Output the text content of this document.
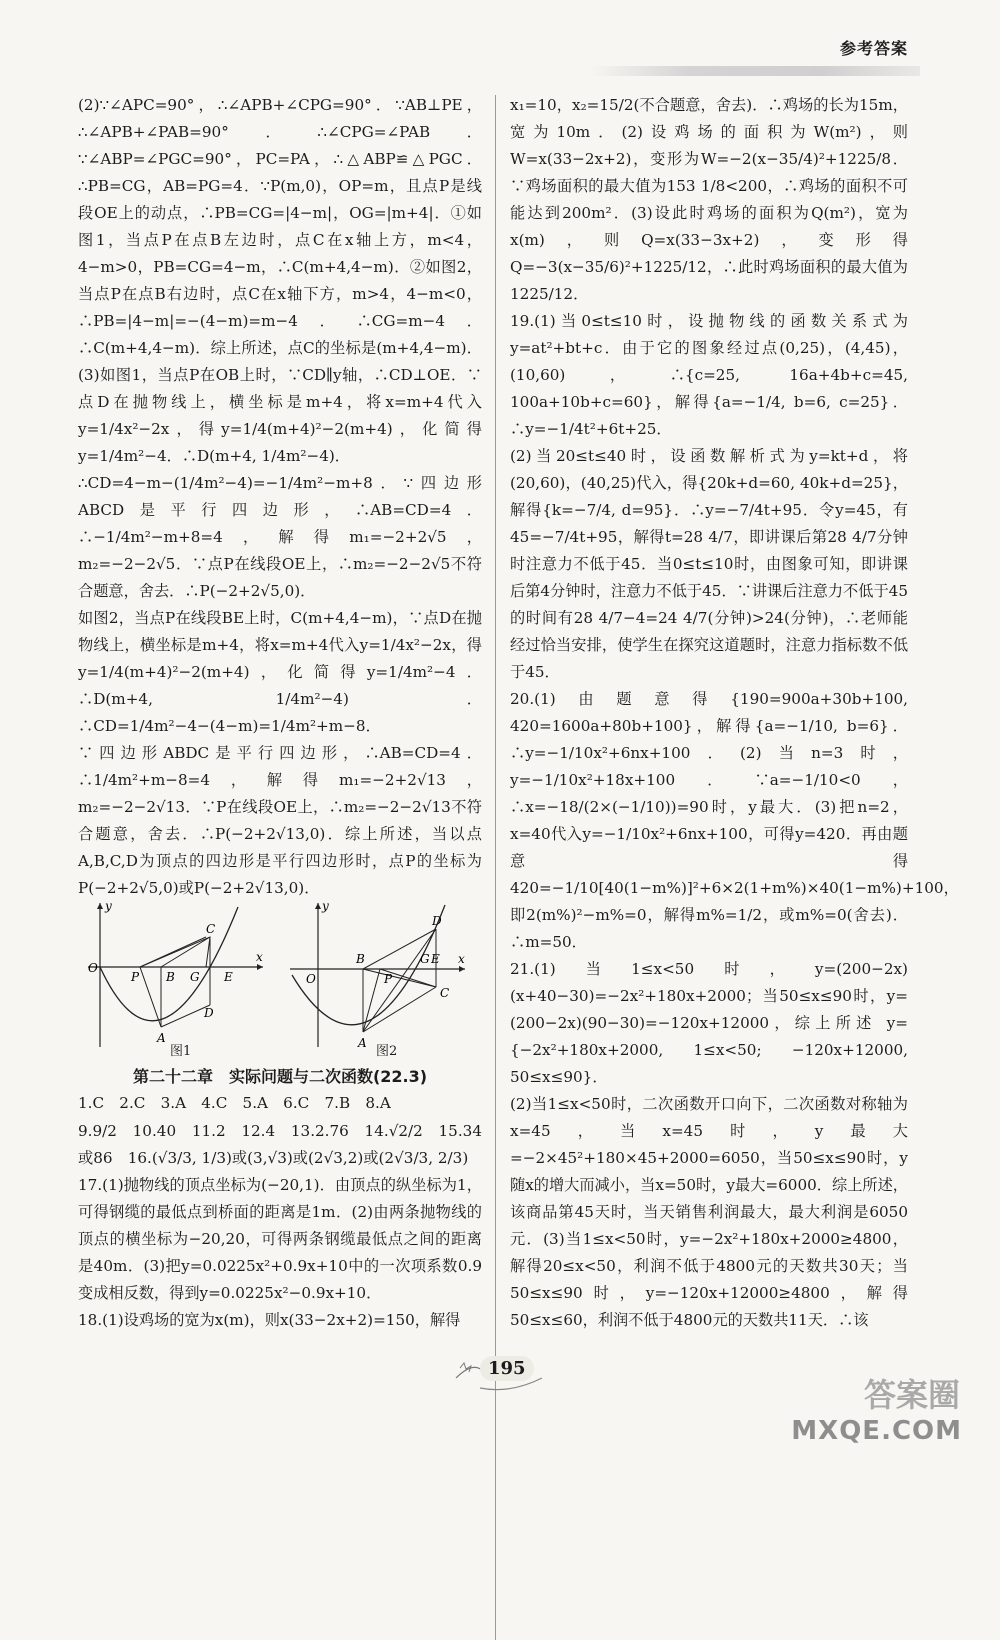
参考答案

(2)∵∠APC=90°，∴∠APB+∠CPG=90°．∵AB⊥PE，∴∠APB+∠PAB=90°．∴∠CPG=∠PAB．∵∠ABP=∠PGC=90°，PC=PA，∴△ABP≌△PGC．∴PB=CG，AB=PG=4．∵P(m,0)，OP=m，且点P是线段OE上的动点，∴PB=CG=|4−m|，OG=|m+4|．①如图1，当点P在点B左边时，点C在x轴上方，m<4，4−m>0，PB=CG=4−m，∴C(m+4,4−m)．②如图2，当点P在点B右边时，点C在x轴下方，m>4，4−m<0，∴PB=|4−m|=−(4−m)=m−4．∴CG=m−4．∴C(m+4,4−m)．综上所述，点C的坐标是(m+4,4−m)．(3)如图1，当点P在OB上时，∵CD∥y轴，∴CD⊥OE．∵点D在抛物线上，横坐标是m+4，将x=m+4代入y=1/4x²−2x，得y=1/4(m+4)²−2(m+4)，化简得y=1/4m²−4．∴D(m+4, 1/4m²−4)．

∴CD=4−m−(1/4m²−4)=−1/4m²−m+8．∵四边形ABCD是平行四边形，∴AB=CD=4．∴−1/4m²−m+8=4，解得m₁=−2+2√5，m₂=−2−2√5．∵点P在线段OE上，∴m₂=−2−2√5不符合题意，舍去．∴P(−2+2√5,0)．

如图2，当点P在线段BE上时，C(m+4,4−m)，∵点D在抛物线上，横坐标是m+4，将x=m+4代入y=1/4x²−2x，得y=1/4(m+4)²−2(m+4)，化简得y=1/4m²−4．∴D(m+4, 1/4m²−4)．∴CD=1/4m²−4−(4−m)=1/4m²+m−8．

∵四边形ABDC是平行四边形，∴AB=CD=4．∴1/4m²+m−8=4，解得m₁=−2+2√13，m₂=−2−2√13．∵P在线段OE上，∴m₂=−2−2√13不符合题意，舍去．∴P(−2+2√13,0)．综上所述，当以点A,B,C,D为顶点的四边形是平行四边形时，点P的坐标为P(−2+2√5,0)或P(−2+2√13,0)．

y
x
O
P B G E
C
D
A
图1
y
x
O	P
B	G E
C
D
A
图2
第二十二章　实际问题与二次函数(22.3)

1.C　2.C　3.A　4.C　5.A　6.C　7.B　8.A

9.9/2　10.40　11.2　12.4　13.2.76　14.√2/2　15.34或86　16.(√3/3, 1/3)或(3,√3)或(2√3,2)或(2√3/3, 2/3)

17.(1)抛物线的顶点坐标为(−20,1)．由顶点的纵坐标为1，可得钢缆的最低点到桥面的距离是1m．(2)由两条抛物线的顶点的横坐标为−20,20，可得两条钢缆最低点之间的距离是40m．(3)把y=0.0225x²+0.9x+10中的一次项系数0.9变成相反数，得到y=0.0225x²−0.9x+10．

18.(1)设鸡场的宽为x(m)，则x(33−2x+2)=150，解得

x₁=10，x₂=15/2(不合题意，舍去)．∴鸡场的长为15m，宽为10m．(2)设鸡场的面积为W(m²)，则W=x(33−2x+2)，变形为W=−2(x−35/4)²+1225/8．∵鸡场面积的最大值为153 1/8<200，∴鸡场的面积不可能达到200m²．(3)设此时鸡场的面积为Q(m²)，宽为x(m)，则Q=x(33−3x+2)，变形得Q=−3(x−35/6)²+1225/12，∴此时鸡场面积的最大值为1225/12．

19.(1)当0≤t≤10时，设抛物线的函数关系式为y=at²+bt+c．由于它的图象经过点(0,25)，(4,45)，(10,60)，∴{c=25, 16a+4b+c=45, 100a+10b+c=60}，解得{a=−1/4, b=6, c=25}．∴y=−1/4t²+6t+25．

(2)当20≤t≤40时，设函数解析式为y=kt+d，将(20,60)，(40,25)代入，得{20k+d=60, 40k+d=25}，解得{k=−7/4, d=95}．∴y=−7/4t+95．令y=45，有45=−7/4t+95，解得t=28 4/7，即讲课后第28 4/7分钟时注意力不低于45．当0≤t≤10时，由图象可知，即讲课后第4分钟时，注意力不低于45．∵讲课后注意力不低于45的时间有28 4/7−4=24 4/7(分钟)>24(分钟)，∴老师能经过恰当安排，使学生在探究这道题时，注意力指标数不低于45．

20.(1)由题意得{190=900a+30b+100, 420=1600a+80b+100}，解得{a=−1/10, b=6}．∴y=−1/10x²+6nx+100．(2)当n=3时，y=−1/10x²+18x+100．∵a=−1/10<0，∴x=−18/(2×(−1/10))=90时，y最大．(3)把n=2，x=40代入y=−1/10x²+6nx+100，可得y=420．再由题意得420=−1/10[40(1−m%)]²+6×2(1+m%)×40(1−m%)+100，即2(m%)²−m%=0，解得m%=1/2，或m%=0(舍去)．∴m=50．

21.(1)当1≤x<50时，y=(200−2x)(x+40−30)=−2x²+180x+2000；当50≤x≤90时，y=(200−2x)(90−30)=−120x+12000，综上所述 y={−2x²+180x+2000, 1≤x<50; −120x+12000, 50≤x≤90}．

(2)当1≤x<50时，二次函数开口向下，二次函数对称轴为x=45，当x=45时，y最大=−2×45²+180×45+2000=6050，当50≤x≤90时，y随x的增大而减小，当x=50时，y最大=6000．综上所述，该商品第45天时，当天销售利润最大，最大利润是6050元．(3)当1≤x<50时，y=−2x²+180x+2000≥4800，解得20≤x<50，利润不低于4800元的天数共30天；当50≤x≤90时，y=−120x+12000≥4800，解得50≤x≤60，利润不低于4800元的天数共11天．∴该

195
答案圈
MXQE.COM
